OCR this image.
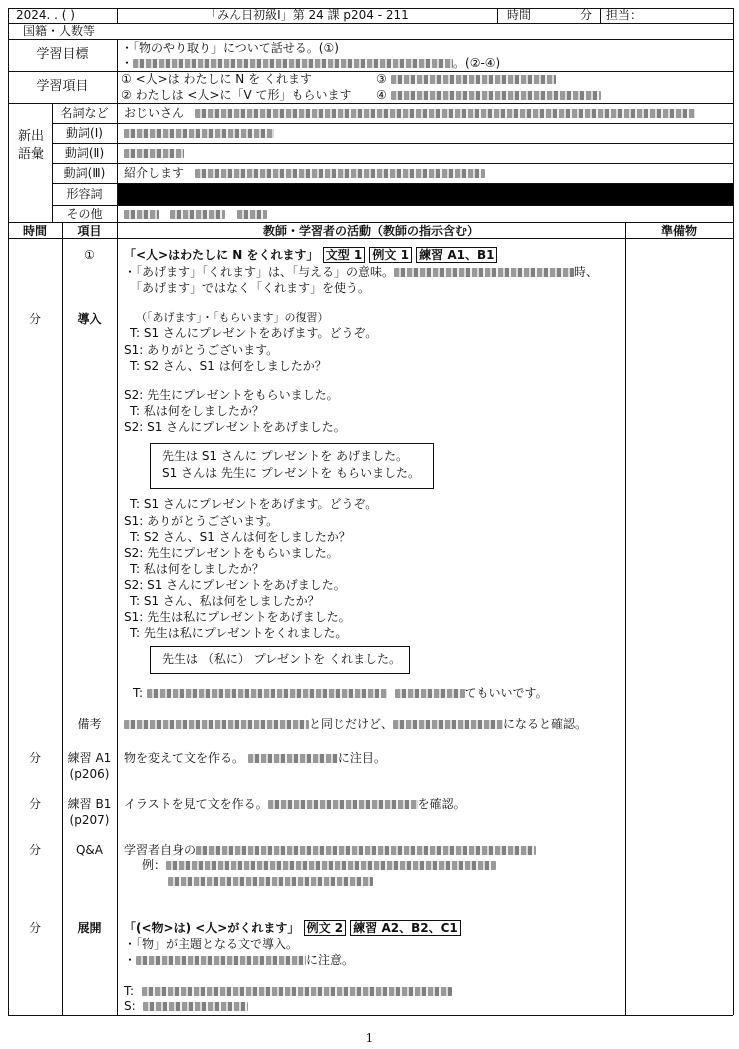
2024. . ( )	「みん日初級Ⅰ」第 24 課 p204 - 211	時間	分 担当：
国籍・人数等
学習目標	・「物のやり取り」について話せる。(①)
・	。(②-④)
学習項目	① <人>は わたしに N を くれます	③
② わたしは <人>に「V て形」もらいます ④
新出語彙
名詞など	おじいさん
動詞(Ⅰ)
動詞(Ⅱ)
動詞(Ⅲ)	紹介します
形容詞
その他

時間	項目	教師・学習者の活動（教師の指示含む）	準備物
①
分	導入
「<人>はわたしに N をくれます」 文型 1 例文 1 練習 A1、B1
・「あげます」「くれます」は、「与える」の意味。	時、
「あげます」ではなく「くれます」を使う。
（「あげます」・「もらいます」の復習）
T: S1 さんにプレゼントをあげます。どうぞ。
S1: ありがとうございます。
T: S2 さん、S1 は何をしましたか？
S2: 先生にプレゼントをもらいました。
T: 私は何をしましたか？
S2: S1 さんにプレゼントをあげました。
先生は S1 さんに プレゼントを あげました。
S1 さんは 先生に プレゼントを もらいました。
T: S1 さんにプレゼントをあげます。どうぞ。
S1: ありがとうございます。
T: S2 さん、S1 さんは何をしましたか？
S2: 先生にプレゼントをもらいました。
T: 私は何をしましたか？
S2: S1 さんにプレゼントをあげました。
T: S1 さん、私は何をしましたか？
S1: 先生は私にプレゼントをあげました。
T: 先生は私にプレゼントをくれました。
先生は （私に） プレゼントを くれました。
T:	てもいいです。
備考	と同じだけど、	になると確認。
分	練習 A1
(p206)
物を変えて文を作る。	に注目。
分	練習 B1
(p207)
イラストを見て文を作る。	を確認。
分	Q&A	学習者自身の
例：
分	展開	「(<物>は) <人>がくれます」 例文 2 練習 A2、B2、C1
・「物」が主題となる文で導入。
・	に注意。
T:
S:
1
